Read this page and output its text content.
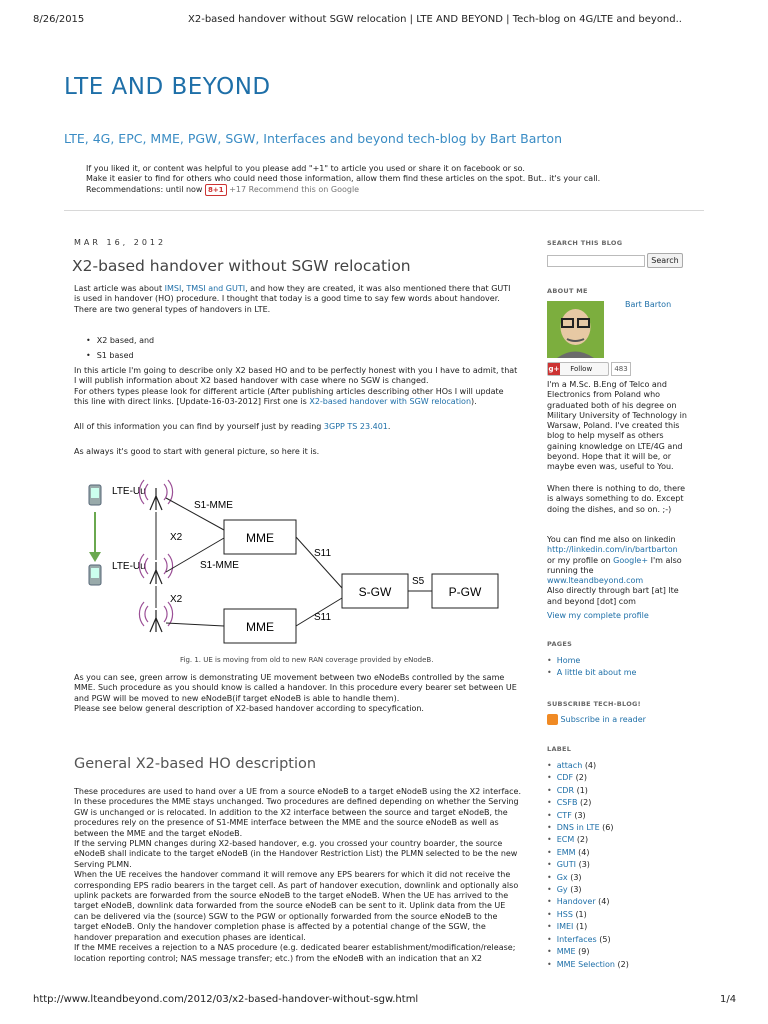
8/26/2015	X2-based handover without SGW relocation | LTE AND BEYOND | Tech-blog on 4G/LTE and beyond..
LTE AND BEYOND
LTE, 4G, EPC, MME, PGW, SGW, Interfaces and beyond tech-blog by Bart Barton
If you liked it, or content was helpful to you please add "+1" to article you used or share it on facebook or so.
Make it easier to find for others who could need those information, allow them find these articles on the spot. But.. it's your call.
Recommendations: until now 8+1 +17 Recommend this on Google
MAR 16, 2012
X2-based handover without SGW relocation
Last article was about IMSI, TMSI and GUTI, and how they are created, it was also mentioned there that GUTI
is used in handover (HO) procedure. I thought that today is a good time to say few words about handover.
There are two general types of handovers in LTE.
• X2 based, and
• S1 based
In this article I'm going to describe only X2 based HO and to be perfectly honest with you I have to admit, that
I will publish information about X2 based handover with case where no SGW is changed.
For others types please look for different article (After publishing articles describing other HOs I will update
this line with direct links. [Update-16-03-2012] First one is X2-based handover with SGW relocation).
All of this information you can find by yourself just by reading 3GPP TS 23.401.
As always it's good to start with general picture, so here it is.
LTE-Uu
LTE-Uu
X2
X2
S1-MME
S1-MME
MME
MME
S11
S11
S-GW
S5
P-GW
Fig. 1. UE is moving from old to new RAN coverage provided by eNodeB.
As you can see, green arrow is demonstrating UE movement between two eNodeBs controlled by the same
MME. Such procedure as you should know is called a handover. In this procedure every bearer set between UE
and PGW will be moved to new eNodeB(if target eNodeB is able to handle them).
Please see below general description of X2-based handover according to specyfication.
General X2-based HO description
These procedures are used to hand over a UE from a source eNodeB to a target eNodeB using the X2 interface.
In these procedures the MME stays unchanged. Two procedures are defined depending on whether the Serving
GW is unchanged or is relocated. In addition to the X2 interface between the source and target eNodeB, the
procedures rely on the presence of S1-MME interface between the MME and the source eNodeB as well as
between the MME and the target eNodeB.
If the serving PLMN changes during X2-based handover, e.g. you crossed your country boarder, the source
eNodeB shall indicate to the target eNodeB (in the Handover Restriction List) the PLMN selected to be the new
Serving PLMN.
When the UE receives the handover command it will remove any EPS bearers for which it did not receive the
corresponding EPS radio bearers in the target cell. As part of handover execution, downlink and optionally also
uplink packets are forwarded from the source eNodeB to the target eNodeB. When the UE has arrived to the
target eNodeB, downlink data forwarded from the source eNodeB can be sent to it. Uplink data from the UE
can be delivered via the (source) SGW to the PGW or optionally forwarded from the source eNodeB to the
target eNodeB. Only the handover completion phase is affected by a potential change of the SGW, the
handover preparation and execution phases are identical.
If the MME receives a rejection to a NAS procedure (e.g. dedicated bearer establishment/modification/release;
location reporting control; NAS message transfer; etc.) from the eNodeB with an indication that an X2
SEARCH THIS BLOG
Search
ABOUT ME
Bart Barton
g+ Follow	483
I'm a M.Sc. B.Eng of Telco and
Electronics from Poland who
graduated both of his degree on
Military University of Technology in
Warsaw, Poland. I've created this
blog to help myself as others
gaining knowledge on LTE/4G and
beyond. Hope that it will be, or
maybe even was, useful to You.
When there is nothing to do, there
is always something to do. Except
doing the dishes, and so on. ;-)
You can find me also on linkedin
http://linkedin.com/in/bartbarton
or my profile on Google+ I'm also
running the
www.lteandbeyond.com
Also directly through bart [at] lte
and beyond [dot] com
View my complete profile
PAGES
• Home
• A little bit about me
SUBSCRIBE TECH-BLOG!
Subscribe in a reader
LABEL
• attach (4)
• CDF (2)
• CDR (1)
• CSFB (2)
• CTF (3)
• DNS in LTE (6)
• ECM (2)
• EMM (4)
• GUTI (3)
• Gx (3)
• Gy (3)
• Handover (4)
• HSS (1)
• IMEI (1)
• Interfaces (5)
• MME (9)
• MME Selection (2)
http://www.lteandbeyond.com/2012/03/x2-based-handover-without-sgw.html	1/4
